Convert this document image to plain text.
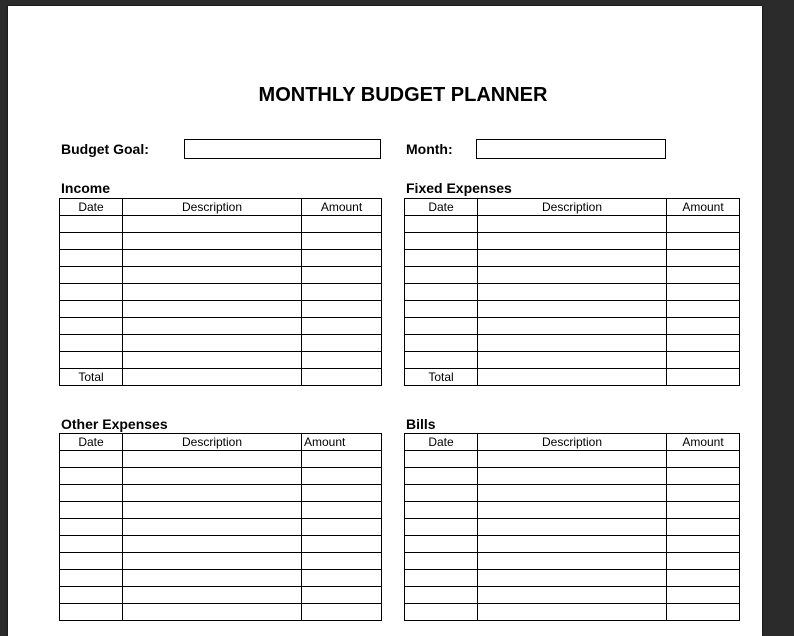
MONTHLY BUDGET PLANNER
Budget Goal:	Month:
Income
Date	Description	Amount

Total		
Fixed Expenses
Date	Description	Amount

Total		
Other Expenses
Date	Description	Amount

Bills
Date	Description	Amount
